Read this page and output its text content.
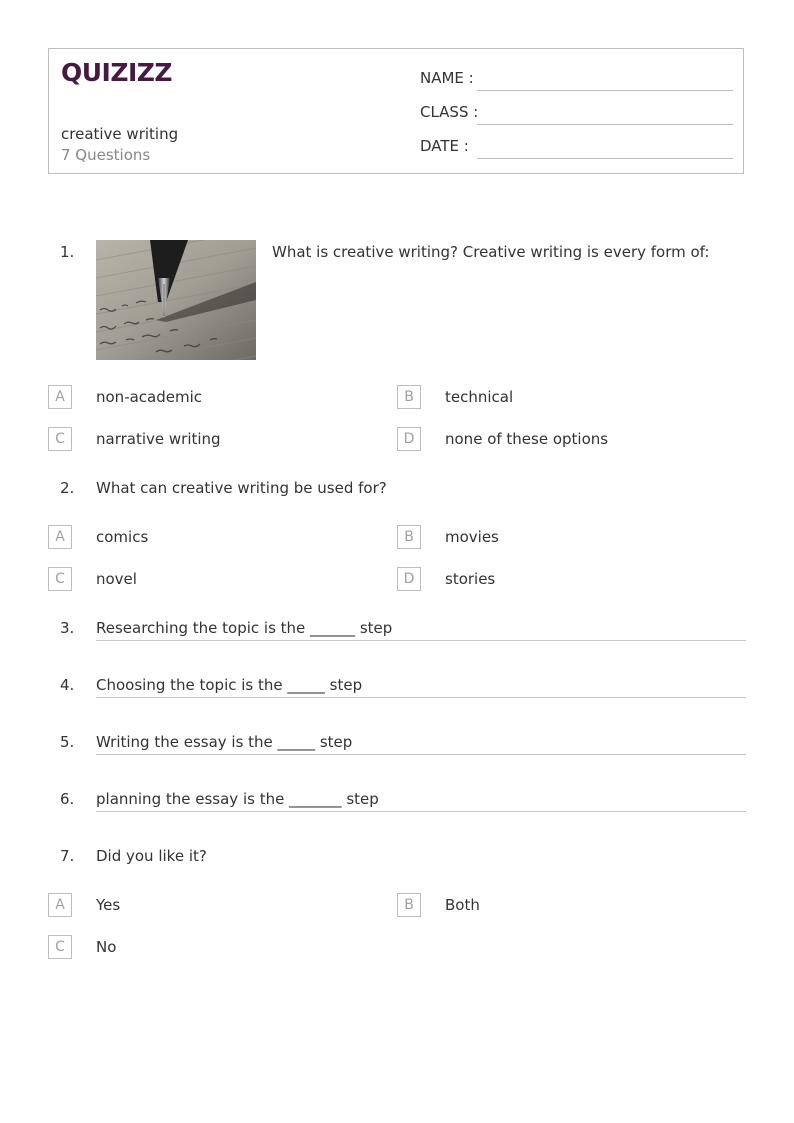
QUIZIZZ
creative writing
7 Questions
NAME :
CLASS :
DATE :
1.	What is creative writing? Creative writing is every form of:
A	non-academic	B	technical
C	narrative writing	D	none of these options
2. What can creative writing be used for?
A	comics	B	movies
C	novel	D	stories
3. Researching the topic is the ______ step
4. Choosing the topic is the _____ step
5. Writing the essay is the _____ step
6. planning the essay is the _______ step
7. Did you like it?
A	Yes	B	Both
C	No
